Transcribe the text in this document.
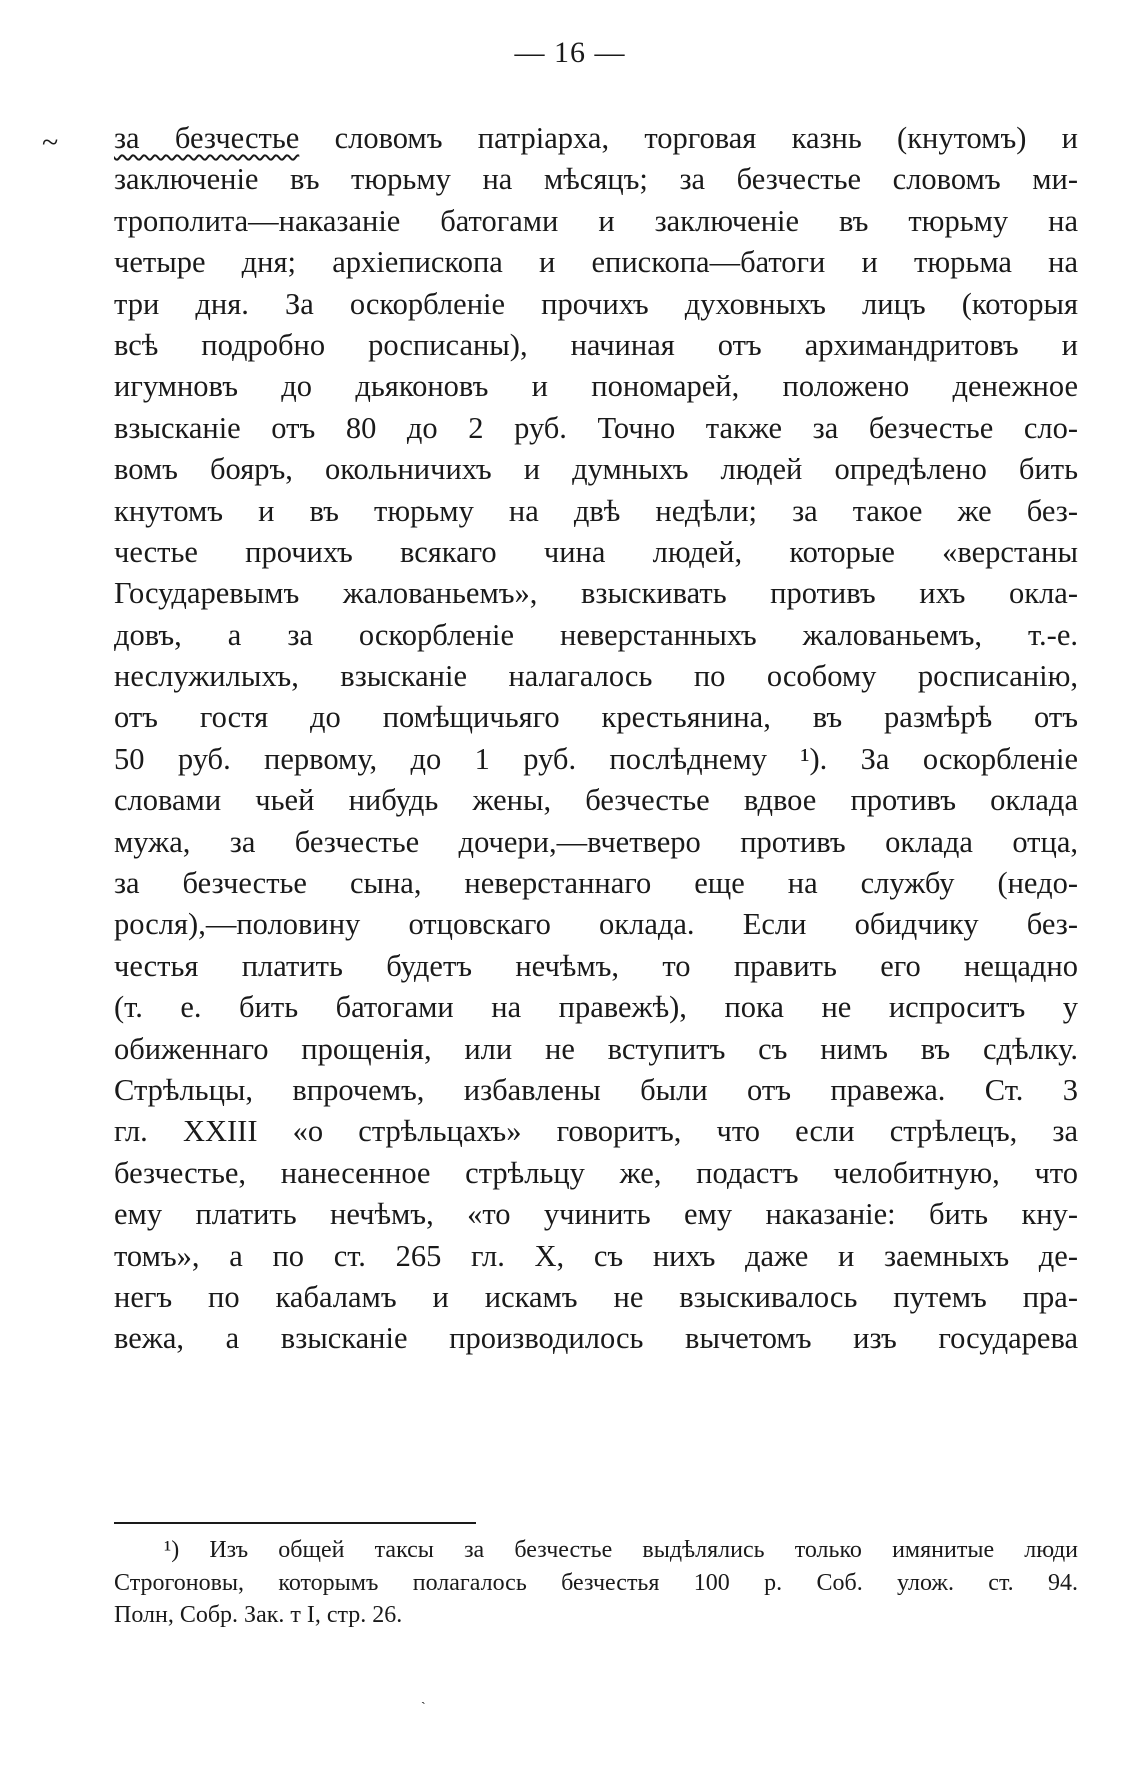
— 16 —
~ за безчестье словомъ патрiарха, торговая казнь (кнутомъ) и
заключенiе въ тюрьму на мѣсяцъ; за безчестье словомъ ми-
трополита—наказанiе батогами и заключенiе въ тюрьму на
четыре дня; архiепископа и епископа—батоги и тюрьма на
три дня. За оскорбленiе прочихъ духовныхъ лицъ (которыя
всѣ подробно росписаны), начиная отъ архимандритовъ и
игумновъ до дьяконовъ и пономарей, положено денежное
взысканiе отъ 80 до 2 руб. Точно также за безчестье сло-
вомъ бояръ, окольничихъ и думныхъ людей опредѣлено бить
кнутомъ и въ тюрьму на двѣ недѣли; за такое же без-
честье прочихъ всякаго чина людей, которые «верстаны
Государевымъ жалованьемъ», взыскивать противъ ихъ окла-
довъ, а за оскорбленiе неверстанныхъ жалованьемъ, т.-е.
неслужилыхъ, взысканiе налагалось по особому росписанiю,
отъ гостя до помѣщичьяго крестьянина, въ размѣрѣ отъ
50 руб. первому, до 1 руб. послѣднему ¹). За оскорбленiе
словами чьей нибудь жены, безчестье вдвое противъ оклада
мужа, за безчестье дочери,—вчетверо противъ оклада отца,
за безчестье сына, неверстаннаго еще на службу (недо-
росля),—половину отцовскаго оклада. Если обидчику без-
честья платить будетъ нечѣмъ, то править его нещадно
(т. е. бить батогами на правежѣ), пока не испроситъ у
обиженнаго прощенiя, или не вступитъ съ нимъ въ сдѣлку.
Стрѣльцы, впрочемъ, избавлены были отъ правежа. Ст. 3
гл. XXIII «о стрѣльцахъ» говоритъ, что если стрѣлецъ, за
безчестье, нанесенное стрѣльцу же, подастъ челобитную, что
ему платить нечѣмъ, «то учинить ему наказанiе: бить кну-
томъ», а по ст. 265 гл. X, съ нихъ даже и заемныхъ де-
негъ по кабаламъ и искамъ не взыскивалось путемъ пра-
вежа, а взысканiе производилось вычетомъ изъ государева
¹) Изъ общей таксы за безчестье выдѣлялись только имянитые люди
Строгоновы, которымъ полагалось безчестья 100 р. Соб. улож. ст. 94.
Полн, Собр. Зак. т I, стр. 26.
ˎ
